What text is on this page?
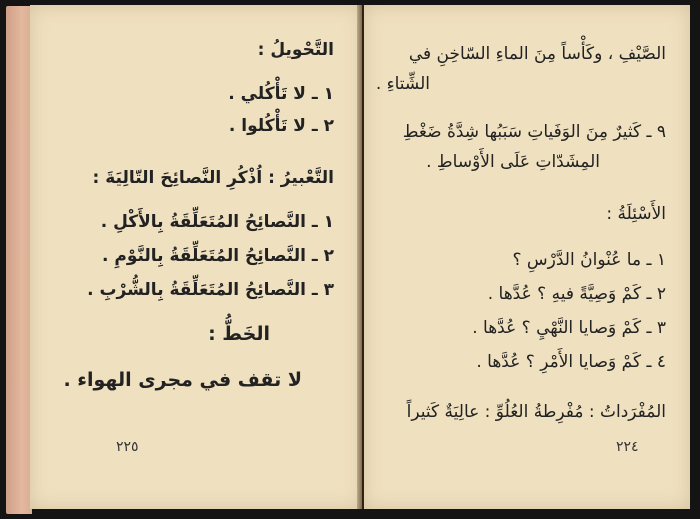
التَّحْويلُ :
١ ـ لا تَأْكُلي .
٢ ـ لا تَأْكُلوا .
التَّعْبيرُ : اُذْكُرِ النَّصائِحَ التّالِيَةَ :
١ ـ النَّصائِحُ المُتَعَلِّقَةُ بِالأَكْلِ .
٢ ـ النَّصائِحُ المُتَعَلِّقَةُ بِالنَّوْمِ .
٣ ـ النَّصائِحُ المُتَعَلِّقَةُ بِالشُّرْبِ .
الخَطُّ :
لا تقف في مجرى الهواء .
٢٢٥
الصَّيْفِ ، وكَأْساً مِنَ الماءِ السّاخِنِ في
الشِّتاءِ .
٩ ـ كَثيرٌ مِنَ الوَفَياتِ سَبَبُها شِدَّةُ ضَغْطِ
المِشَدّاتِ عَلَى الأَوْساطِ .
الأَسْئِلَةُ :
١ ـ ما عُنْوانُ الدَّرْسِ ؟
٢ ـ كَمْ وَصِيَّةً فيهِ ؟ عُدَّها .
٣ ـ كَمْ وَصايا النَّهْيِ ؟ عُدَّها .
٤ ـ كَمْ وَصايا الأَمْرِ ؟ عُدَّها .
المُفْرَداتُ : مُفْرِطةُ العُلُوِّ : عالِيَةٌ كَثيراً
٢٢٤
